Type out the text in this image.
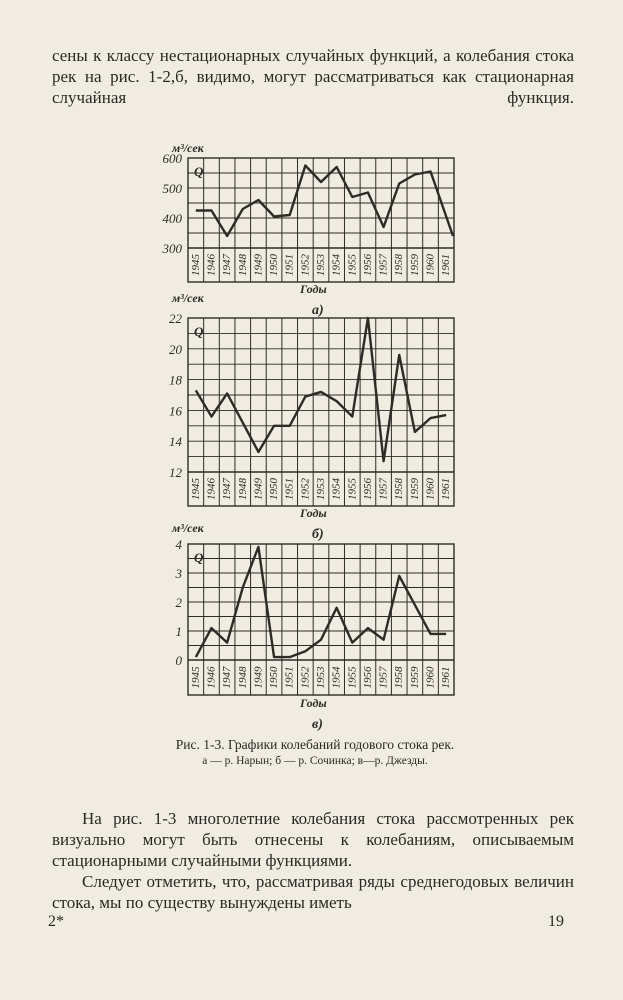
сены к классу нестационарных случайных функций, а колебания стока рек на рис. 1-2,б, видимо, могут рассматриваться как стационарная случайная функция.

300
400
500
600
м³/сек
Q
1945 1946 1947 1948 1949 1950 1951 1952 1953 1954 1955 1956 1957 1958 1959 1960 1961
Годы
а)
12
14
16
18
20
22
м³/сек
Q
1945 1946 1947 1948 1949 1950 1951 1952 1953 1954 1955 1956 1957 1958 1959 1960 1961
Годы
б)
0
1
2
3
4
м³/сек
Q
1945 1946 1947 1948 1949 1950 1951 1952 1953 1954 1955 1956 1957 1958 1959 1960 1961
Годы
в)

Рис. 1-3. Графики колебаний годового стока рек.

а — р. Нарын; б — р. Сочинка; в—р. Джезды.

На рис. 1-3 многолетние колебания стока рассмотренных рек визуально могут быть отнесены к колебаниям, описываемым стационарными случайными функциями.

Следует отметить, что, рассматривая ряды среднегодовых величин стока, мы по существу вынуждены иметь

2*	19
